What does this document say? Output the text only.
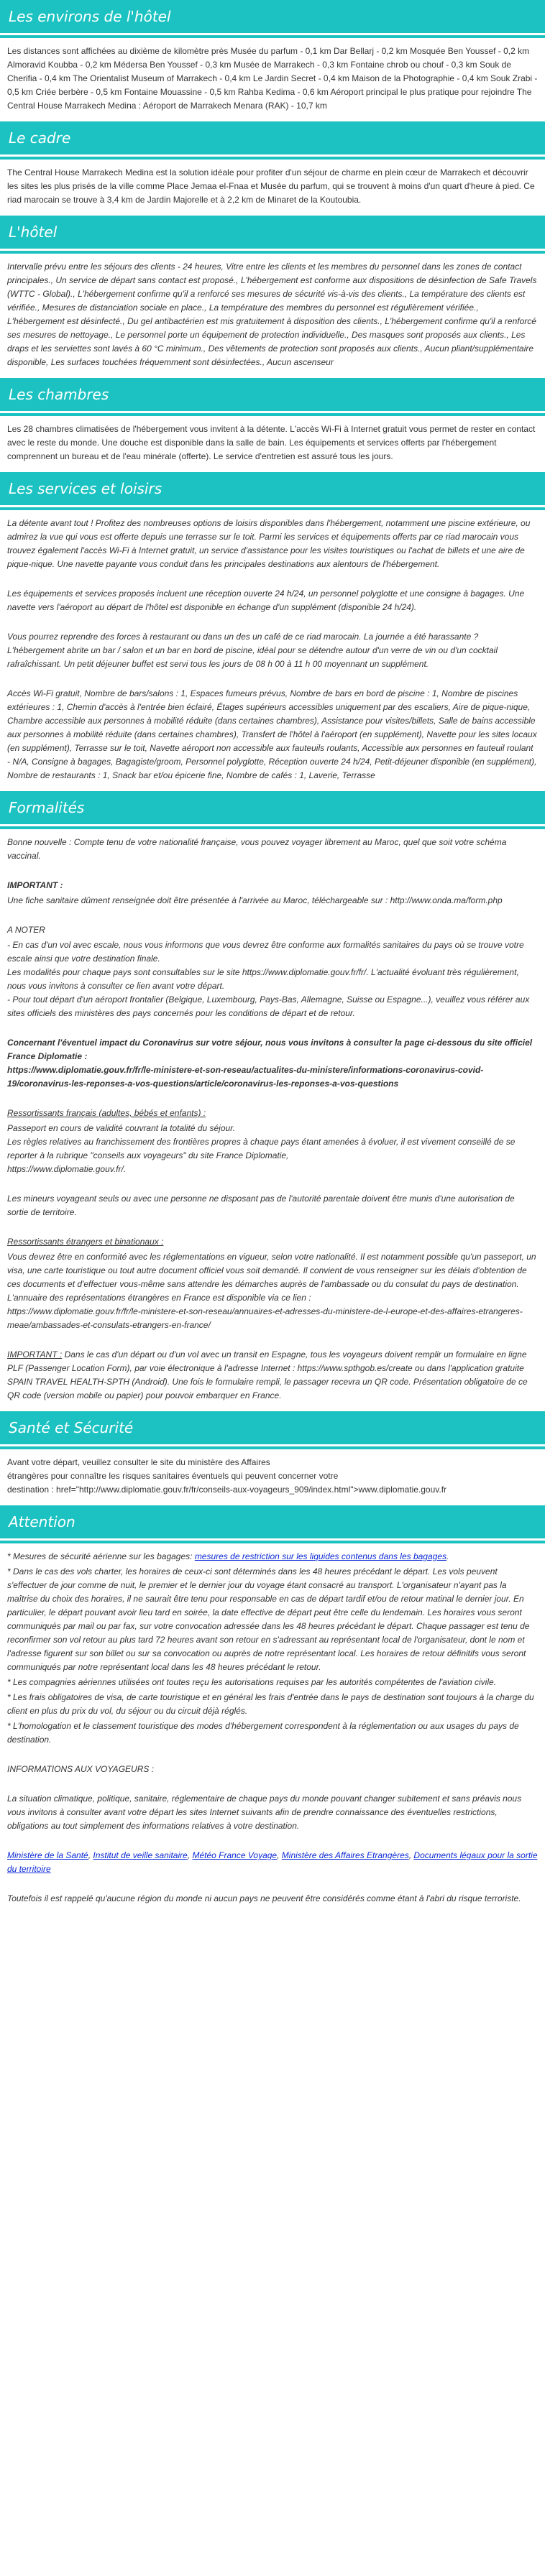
Les environs de l'hôtel

Les distances sont affichées au dixième de kilomètre près Musée du parfum - 0,1 km Dar Bellarj - 0,2 km Mosquée Ben Youssef - 0,2 km Almoravid Koubba - 0,2 km Médersa Ben Youssef - 0,3 km Musée de Marrakech - 0,3 km Fontaine chrob ou chouf - 0,3 km Souk de Cherifia - 0,4 km The Orientalist Museum of Marrakech - 0,4 km Le Jardin Secret - 0,4 km Maison de la Photographie - 0,4 km Souk Zrabi - 0,5 km Criée berbère - 0,5 km Fontaine Mouassine - 0,5 km Rahba Kedima - 0,6 km Aéroport principal le plus pratique pour rejoindre The Central House Marrakech Medina : Aéroport de Marrakech Menara (RAK) - 10,7 km

Le cadre

The Central House Marrakech Medina est la solution idéale pour profiter d'un séjour de charme en plein cœur de Marrakech et découvrir les sites les plus prisés de la ville comme Place Jemaa el-Fnaa et Musée du parfum, qui se trouvent à moins d'un quart d'heure à pied. Ce riad marocain se trouve à 3,4 km de Jardin Majorelle et à 2,2 km de Minaret de la Koutoubia.

L'hôtel

Intervalle prévu entre les séjours des clients - 24 heures, Vitre entre les clients et les membres du personnel dans les zones de contact principales., Un service de départ sans contact est proposé., L'hébergement est conforme aux dispositions de désinfection de Safe Travels (WTTC - Global)., L'hébergement confirme qu'il a renforcé ses mesures de sécurité vis-à-vis des clients., La température des clients est vérifiée., Mesures de distanciation sociale en place., La température des membres du personnel est régulièrement vérifiée., L'hébergement est désinfecté., Du gel antibactérien est mis gratuitement à disposition des clients., L'hébergement confirme qu'il a renforcé ses mesures de nettoyage., Le personnel porte un équipement de protection individuelle., Des masques sont proposés aux clients., Les draps et les serviettes sont lavés à 60 °C minimum., Des vêtements de protection sont proposés aux clients., Aucun pliant/supplémentaire disponible, Les surfaces touchées fréquemment sont désinfectées., Aucun ascenseur

Les chambres

Les 28 chambres climatisées de l'hébergement vous invitent à la détente. L'accès Wi-Fi à Internet gratuit vous permet de rester en contact avec le reste du monde. Une douche est disponible dans la salle de bain. Les équipements et services offerts par l'hébergement comprennent un bureau et de l'eau minérale (offerte). Le service d'entretien est assuré tous les jours.

Les services et loisirs

La détente avant tout ! Profitez des nombreuses options de loisirs disponibles dans l'hébergement, notamment une piscine extérieure, ou admirez la vue qui vous est offerte depuis une terrasse sur le toit. Parmi les services et équipements offerts par ce riad marocain vous trouvez également l'accès Wi-Fi à Internet gratuit, un service d'assistance pour les visites touristiques ou l'achat de billets et une aire de pique-nique. Une navette payante vous conduit dans les principales destinations aux alentours de l'hébergement.

Les équipements et services proposés incluent une réception ouverte 24 h/24, un personnel polyglotte et une consigne à bagages. Une navette vers l'aéroport au départ de l'hôtel est disponible en échange d'un supplément (disponible 24 h/24).

Vous pourrez reprendre des forces à restaurant ou dans un des un café de ce riad marocain. La journée a été harassante ? L'hébergement abrite un bar / salon et un bar en bord de piscine, idéal pour se détendre autour d'un verre de vin ou d'un cocktail rafraîchissant. Un petit déjeuner buffet est servi tous les jours de 08 h 00 à 11 h 00 moyennant un supplément.

Accès Wi-Fi gratuit, Nombre de bars/salons : 1, Espaces fumeurs prévus, Nombre de bars en bord de piscine : 1, Nombre de piscines extérieures : 1, Chemin d'accès à l'entrée bien éclairé, Étages supérieurs accessibles uniquement par des escaliers, Aire de pique-nique, Chambre accessible aux personnes à mobilité réduite (dans certaines chambres), Assistance pour visites/billets, Salle de bains accessible aux personnes à mobilité réduite (dans certaines chambres), Transfert de l'hôtel à l'aéroport (en supplément), Navette pour les sites locaux (en supplément), Terrasse sur le toit, Navette aéroport non accessible aux fauteuils roulants, Accessible aux personnes en fauteuil roulant - N/A, Consigne à bagages, Bagagiste/groom, Personnel polyglotte, Réception ouverte 24 h/24, Petit-déjeuner disponible (en supplément), Nombre de restaurants : 1, Snack bar et/ou épicerie fine, Nombre de cafés : 1, Laverie, Terrasse

Formalités

Bonne nouvelle : Compte tenu de votre nationalité française, vous pouvez voyager librement au Maroc, quel que soit votre schéma vaccinal.

IMPORTANT :

Une fiche sanitaire dûment renseignée doit être présentée à l'arrivée au Maroc, téléchargeable sur : http://www.onda.ma/form.php

A NOTER

- En cas d'un vol avec escale, nous vous informons que vous devrez être conforme aux formalités sanitaires du pays où se trouve votre escale ainsi que votre destination finale.
Les modalités pour chaque pays sont consultables sur le site https://www.diplomatie.gouv.fr/fr/. L'actualité évoluant très régulièrement, nous vous invitons à consulter ce lien avant votre départ.
- Pour tout départ d'un aéroport frontalier (Belgique, Luxembourg, Pays-Bas, Allemagne, Suisse ou Espagne...), veuillez vous référer aux sites officiels des ministères des pays concernés pour les conditions de départ et de retour.

Concernant l'éventuel impact du Coronavirus sur votre séjour, nous vous invitons à consulter la page ci-dessous du site officiel France Diplomatie :
https://www.diplomatie.gouv.fr/fr/le-ministere-et-son-reseau/actualites-du-ministere/informations-coronavirus-covid-19/coronavirus-les-reponses-a-vos-questions/article/coronavirus-les-reponses-a-vos-questions

Ressortissants français (adultes, bébés et enfants) :

Passeport en cours de validité couvrant la totalité du séjour.
Les règles relatives au franchissement des frontières propres à chaque pays étant amenées à évoluer, il est vivement conseillé de se reporter à la rubrique "conseils aux voyageurs" du site France Diplomatie,
https://www.diplomatie.gouv.fr/.

Les mineurs voyageant seuls ou avec une personne ne disposant pas de l'autorité parentale doivent être munis d'une autorisation de sortie de territoire.

Ressortissants étrangers et binationaux :

Vous devrez être en conformité avec les réglementations en vigueur, selon votre nationalité. Il est notamment possible qu'un passeport, un visa, une carte touristique ou tout autre document officiel vous soit demandé. Il convient de vous renseigner sur les délais d'obtention de ces documents et d'effectuer vous-même sans attendre les démarches auprès de l'ambassade ou du consulat du pays de destination.
L'annuaire des représentations étrangères en France est disponible via ce lien :
https://www.diplomatie.gouv.fr/fr/le-ministere-et-son-reseau/annuaires-et-adresses-du-ministere-de-l-europe-et-des-affaires-etrangeres-meae/ambassades-et-consulats-etrangers-en-france/

IMPORTANT : Dans le cas d'un départ ou d'un vol avec un transit en Espagne, tous les voyageurs doivent remplir un formulaire en ligne PLF (Passenger Location Form), par voie électronique à l'adresse Internet : https://www.spthgob.es/create ou dans l'application gratuite SPAIN TRAVEL HEALTH-SPTH (Android). Une fois le formulaire rempli, le passager recevra un QR code. Présentation obligatoire de ce QR code (version mobile ou papier) pour pouvoir embarquer en France.

Santé et Sécurité

Avant votre départ, veuillez consulter le site du ministère des Affaires
étrangères pour connaître les risques sanitaires éventuels qui peuvent concerner votre
destination : href="http://www.diplomatie.gouv.fr/fr/conseils-aux-voyageurs_909/index.html">www.diplomatie.gouv.fr

Attention

* Mesures de sécurité aérienne sur les bagages: mesures de restriction sur les liquides contenus dans les bagages.

* Dans le cas des vols charter, les horaires de ceux-ci sont déterminés dans les 48 heures précédant le départ. Les vols peuvent s'effectuer de jour comme de nuit, le premier et le dernier jour du voyage étant consacré au transport. L'organisateur n'ayant pas la maîtrise du choix des horaires, il ne saurait être tenu pour responsable en cas de départ tardif et/ou de retour matinal le dernier jour. En particulier, le départ pouvant avoir lieu tard en soirée, la date effective de départ peut être celle du lendemain. Les horaires vous seront communiqués par mail ou par fax, sur votre convocation adressée dans les 48 heures précédant le départ. Chaque passager est tenu de reconfirmer son vol retour au plus tard 72 heures avant son retour en s'adressant au représentant local de l'organisateur, dont le nom et l'adresse figurent sur son billet ou sur sa convocation ou auprès de notre représentant local. Les horaires de retour définitifs vous seront communiqués par notre représentant local dans les 48 heures précédant le retour.

* Les compagnies aériennes utilisées ont toutes reçu les autorisations requises par les autorités compétentes de l'aviation civile.

* Les frais obligatoires de visa, de carte touristique et en général les frais d'entrée dans le pays de destination sont toujours à la charge du client en plus du prix du vol, du séjour ou du circuit déjà réglés.

* L'homologation et le classement touristique des modes d'hébergement correspondent à la réglementation ou aux usages du pays de destination.

INFORMATIONS AUX VOYAGEURS :

La situation climatique, politique, sanitaire, réglementaire de chaque pays du monde pouvant changer subitement et sans préavis nous vous invitons à consulter avant votre départ les sites Internet suivants afin de prendre connaissance des éventuelles restrictions, obligations au tout simplement des informations relatives à votre destination.

Ministère de la Santé, Institut de veille sanitaire, Météo France Voyage, Ministère des Affaires Etrangères, Documents légaux pour la sortie du territoire

Toutefois il est rappelé qu'aucune région du monde ni aucun pays ne peuvent être considérés comme étant à l'abri du risque terroriste.
